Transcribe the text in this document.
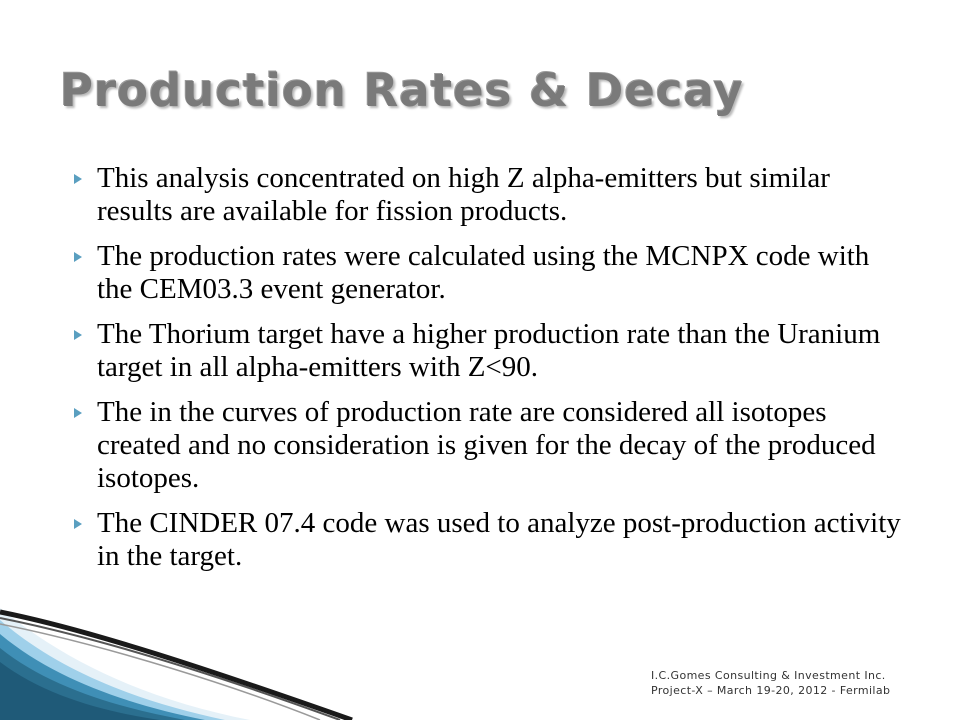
Production Rates & Decay
This analysis concentrated on high Z alpha-emitters but similar results are available for fission products.
The production rates were calculated using the MCNPX code with the CEM03.3 event generator.
The Thorium target have a higher production rate than the Uranium target in all alpha-emitters with Z<90.
The in the curves of production rate are considered all isotopes created and no consideration is given for the decay of the produced isotopes.
The CINDER 07.4 code was used to analyze post-production activity in the target.
I.C.Gomes Consulting & Investment Inc.
Project-X – March 19-20, 2012 - Fermilab
